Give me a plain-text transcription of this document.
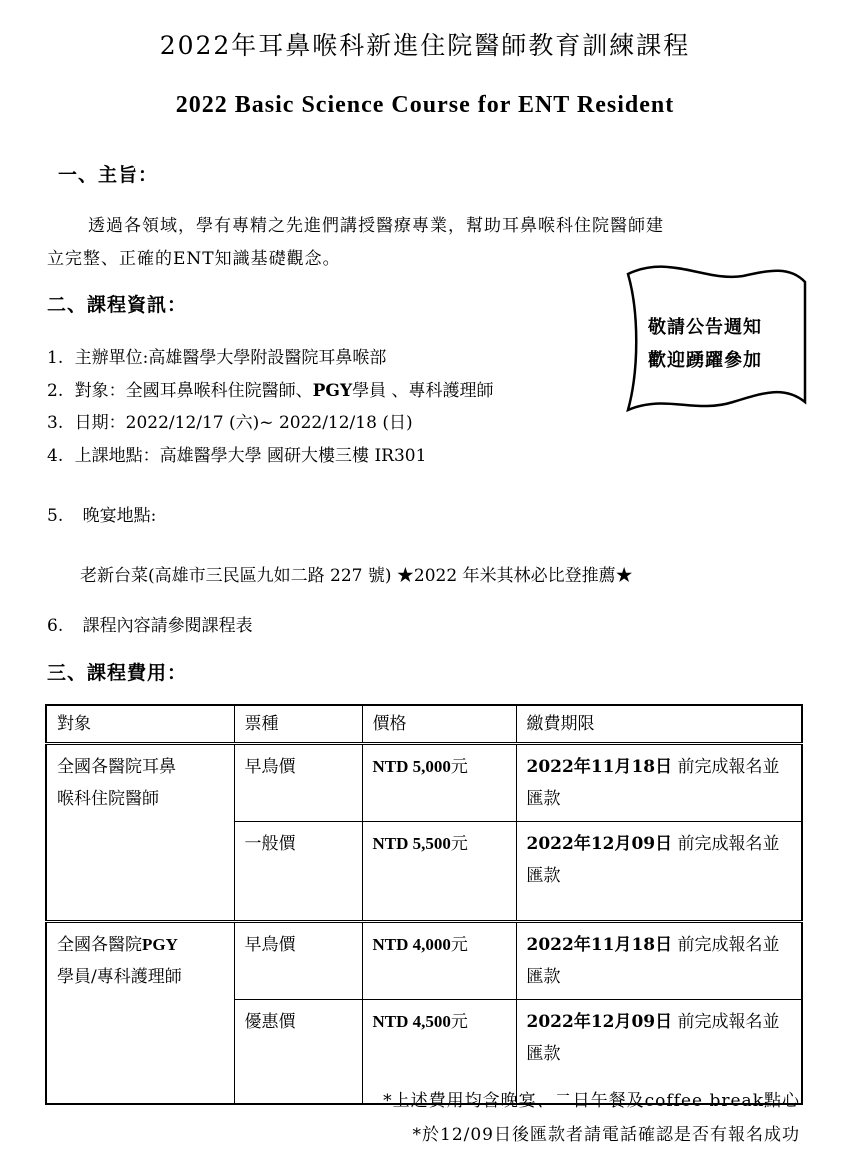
2022年耳鼻喉科新進住院醫師教育訓練課程
2022 Basic Science Course for ENT Resident
一、主旨：
透過各領域，學有專精之先進們講授醫療專業，幫助耳鼻喉科住院醫師建
立完整、正確的ENT知識基礎觀念。
敬請公告週知
歡迎踴躍參加
二、課程資訊：
1. 主辦單位:高雄醫學大學附設醫院耳鼻喉部
2. 對象：全國耳鼻喉科住院醫師、PGY學員 、專科護理師
3. 日期：2022/12/17 (六)~ 2022/12/18 (日)
4. 上課地點：高雄醫學大學 國研大樓三樓 IR301
5. 晚宴地點:
老新台菜(高雄市三民區九如二路 227 號) ★2022 年米其林必比登推薦★
6. 課程內容請參閱課程表
三、課程費用：
對象	票種	價格	繳費期限

全國各醫院耳鼻
喉科住院醫師	早鳥價	NTD 5,000元	2022年11月18日 前完成報名並匯款
	一般價	NTD 5,500元	2022年12月09日 前完成報名並匯款

全國各醫院PGY
學員/專科護理師	早鳥價	NTD 4,000元	2022年11月18日 前完成報名並匯款
	優惠價	NTD 4,500元	2022年12月09日 前完成報名並匯款
*上述費用均含晚宴、二日午餐及coffee break點心
*於12/09日後匯款者請電話確認是否有報名成功
